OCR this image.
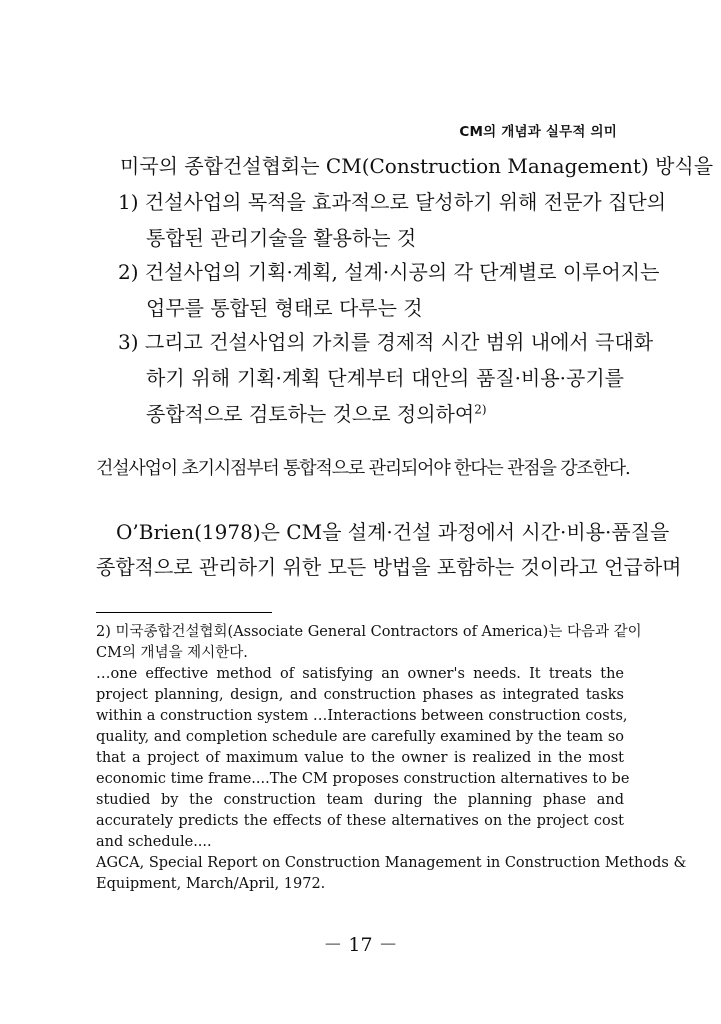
CM의 개념과 실무적 의미
미국의 종합건설협회는 CM(Construction Management) 방식을
1) 건설사업의 목적을 효과적으로 달성하기 위해 전문가 집단의
통합된 관리기술을 활용하는 것
2) 건설사업의 기획·계획, 설계·시공의 각 단계별로 이루어지는
업무를 통합된 형태로 다루는 것
3) 그리고 건설사업의 가치를 경제적 시간 범위 내에서 극대화
하기 위해 기획·계획 단계부터 대안의 품질·비용·공기를
종합적으로 검토하는 것으로 정의하여$^{2)}$
건설사업이 초기시점부터 통합적으로 관리되어야 한다는 관점을 강조한다.
O’Brien(1978)은 CM을 설계·건설 과정에서 시간·비용·품질을
종합적으로 관리하기 위한 모든 방법을 포함하는 것이라고 언급하며
2) 미국종합건설협회(Associate General Contractors of America)는 다음과 같이
CM의 개념을 제시한다.
…one effective method of satisfying an owner's needs. It treats the
project planning, design, and construction phases as integrated tasks
within a construction system …Interactions between construction costs,
quality, and completion schedule are carefully examined by the team so
that a project of maximum value to the owner is realized in the most
economic time frame....The CM proposes construction alternatives to be
studied by the construction team during the planning phase and
accurately predicts the effects of these alternatives on the project cost
and schedule....
AGCA, Special Report on Construction Management in Construction Methods &
Equipment, March/April, 1972.
－ 17 －
